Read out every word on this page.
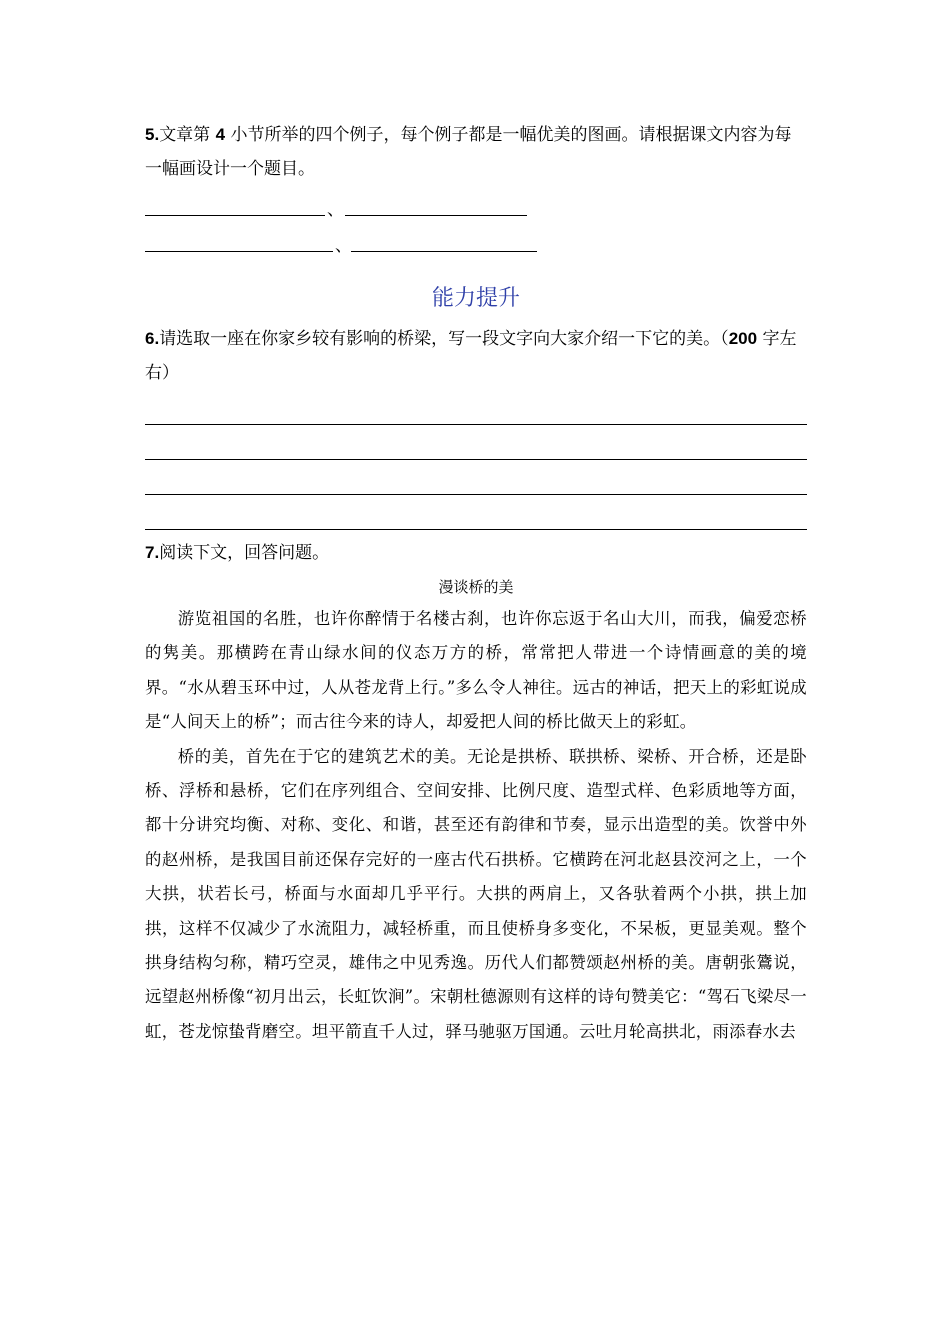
5.文章第 4 小节所举的四个例子，每个例子都是一幅优美的图画。请根据课文内容为每一幅画设计一个题目。

、
、
能力提升

6.请选取一座在你家乡较有影响的桥梁，写一段文字向大家介绍一下它的美。（200 字左右）

7.阅读下文，回答问题。

漫谈桥的美

游览祖国的名胜，也许你醉情于名楼古刹，也许你忘返于名山大川，而我，偏爱恋桥的隽美。那横跨在青山绿水间的仪态万方的桥，常常把人带进一个诗情画意的美的境界。“水从碧玉环中过，人从苍龙背上行。”多么令人神往。远古的神话，把天上的彩虹说成是“人间天上的桥”；而古往今来的诗人，却爱把人间的桥比做天上的彩虹。

桥的美，首先在于它的建筑艺术的美。无论是拱桥、联拱桥、梁桥、开合桥，还是卧桥、浮桥和悬桥，它们在序列组合、空间安排、比例尺度、造型式样、色彩质地等方面，都十分讲究均衡、对称、变化、和谐，甚至还有韵律和节奏，显示出造型的美。饮誉中外的赵州桥，是我国目前还保存完好的一座古代石拱桥。它横跨在河北赵县洨河之上，一个大拱，状若长弓，桥面与水面却几乎平行。大拱的两肩上，又各驮着两个小拱，拱上加拱，这样不仅减少了水流阻力，减轻桥重，而且使桥身多变化，不呆板，更显美观。整个拱身结构匀称，精巧空灵，雄伟之中见秀逸。历代人们都赞颂赵州桥的美。唐朝张鷟说，远望赵州桥像“初月出云，长虹饮涧”。宋朝杜德源则有这样的诗句赞美它：“驾石飞梁尽一虹，苍龙惊蛰背磨空。坦平箭直千人过，驿马驰驱万国通。云吐月轮高拱北，雨添春水去
